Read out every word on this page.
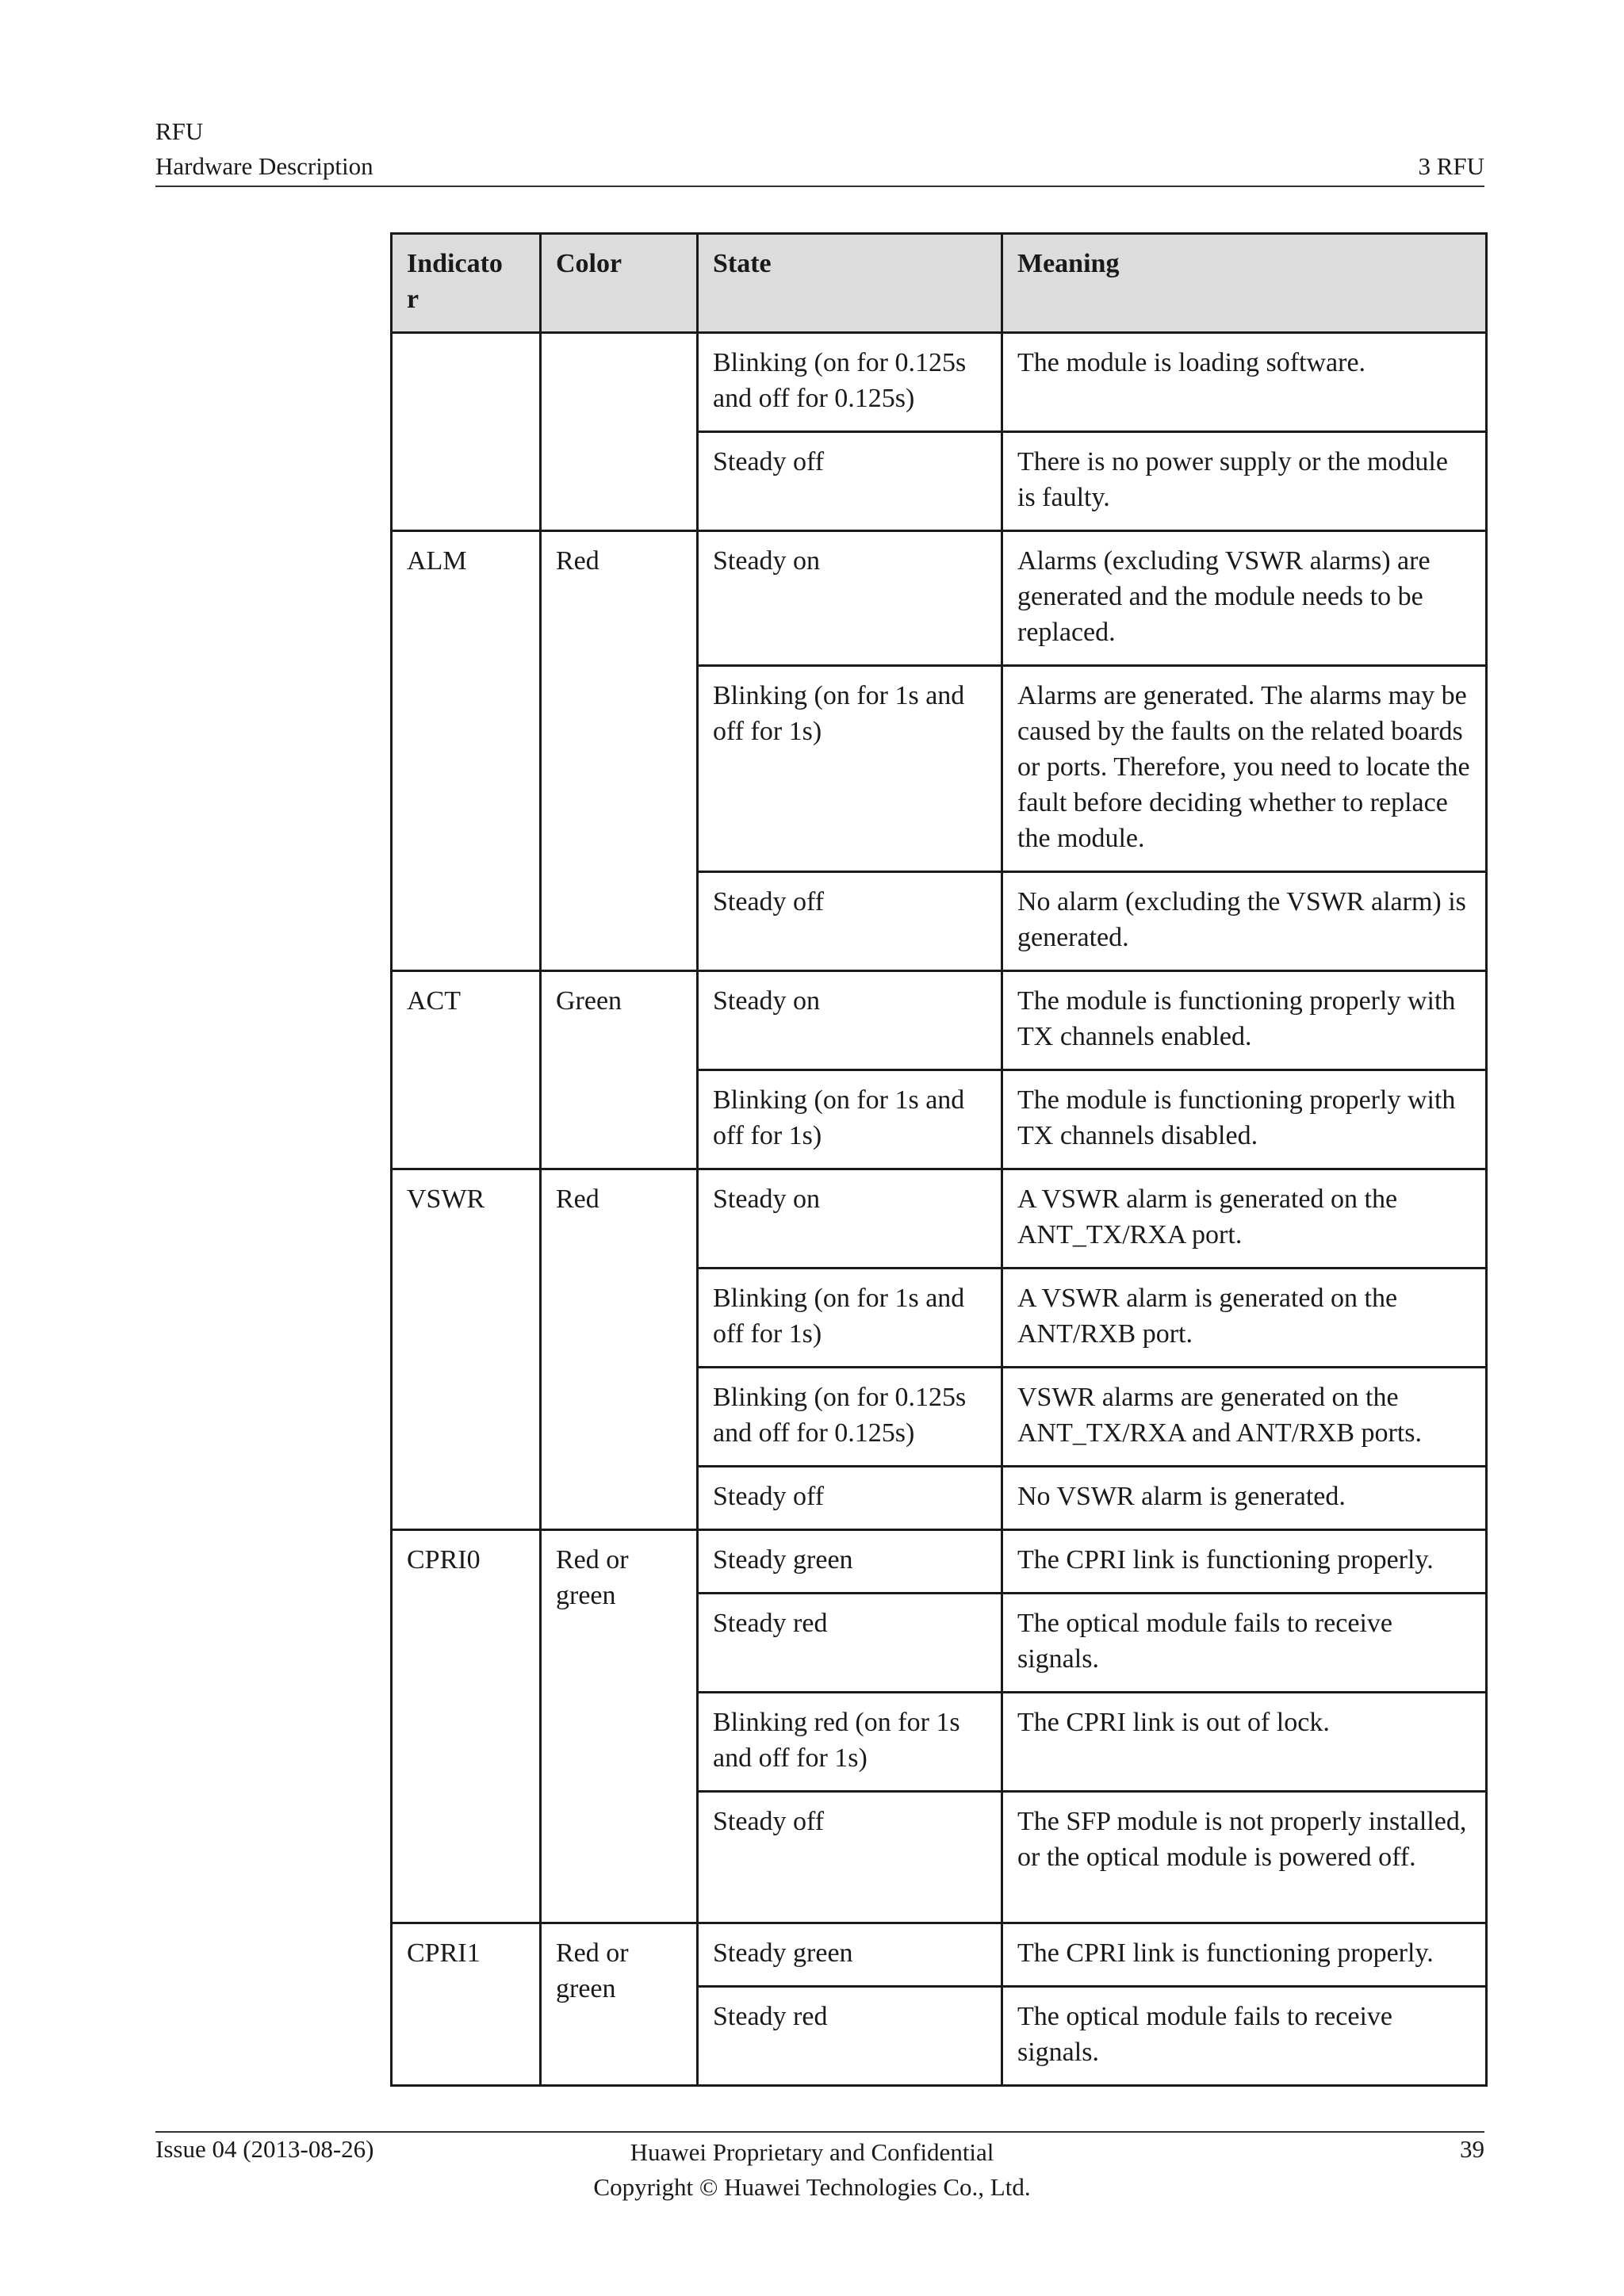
RFU
Hardware Description	3 RFU
Indicato
r	Color	State	Meaning
		Blinking (on for 0.125s and off for 0.125s)	The module is loading software.
		Steady off	There is no power supply or the module is faulty.
ALM	Red	Steady on	Alarms (excluding VSWR alarms) are generated and the module needs to be replaced.
		Blinking (on for 1s and off for 1s)	Alarms are generated. The alarms may be caused by the faults on the related boards or ports. Therefore, you need to locate the fault before deciding whether to replace the module.
		Steady off	No alarm (excluding the VSWR alarm) is generated.
ACT	Green	Steady on	The module is functioning properly with TX channels enabled.
		Blinking (on for 1s and off for 1s)	The module is functioning properly with TX channels disabled.
VSWR	Red	Steady on	A VSWR alarm is generated on the ANT_TX/RXA port.
		Blinking (on for 1s and off for 1s)	A VSWR alarm is generated on the ANT/RXB port.
		Blinking (on for 0.125s and off for 0.125s)	VSWR alarms are generated on the ANT_TX/RXA and ANT/RXB ports.
		Steady off	No VSWR alarm is generated.
CPRI0	Red or green	Steady green	The CPRI link is functioning properly.
		Steady red	The optical module fails to receive signals.
		Blinking red (on for 1s and off for 1s)	The CPRI link is out of lock.
		Steady off	The SFP module is not properly installed, or the optical module is powered off.
CPRI1	Red or green	Steady green	The CPRI link is functioning properly.
		Steady red	The optical module fails to receive signals.
Issue 04 (2013-08-26)	Huawei Proprietary and Confidential
Copyright © Huawei Technologies Co., Ltd.
39
